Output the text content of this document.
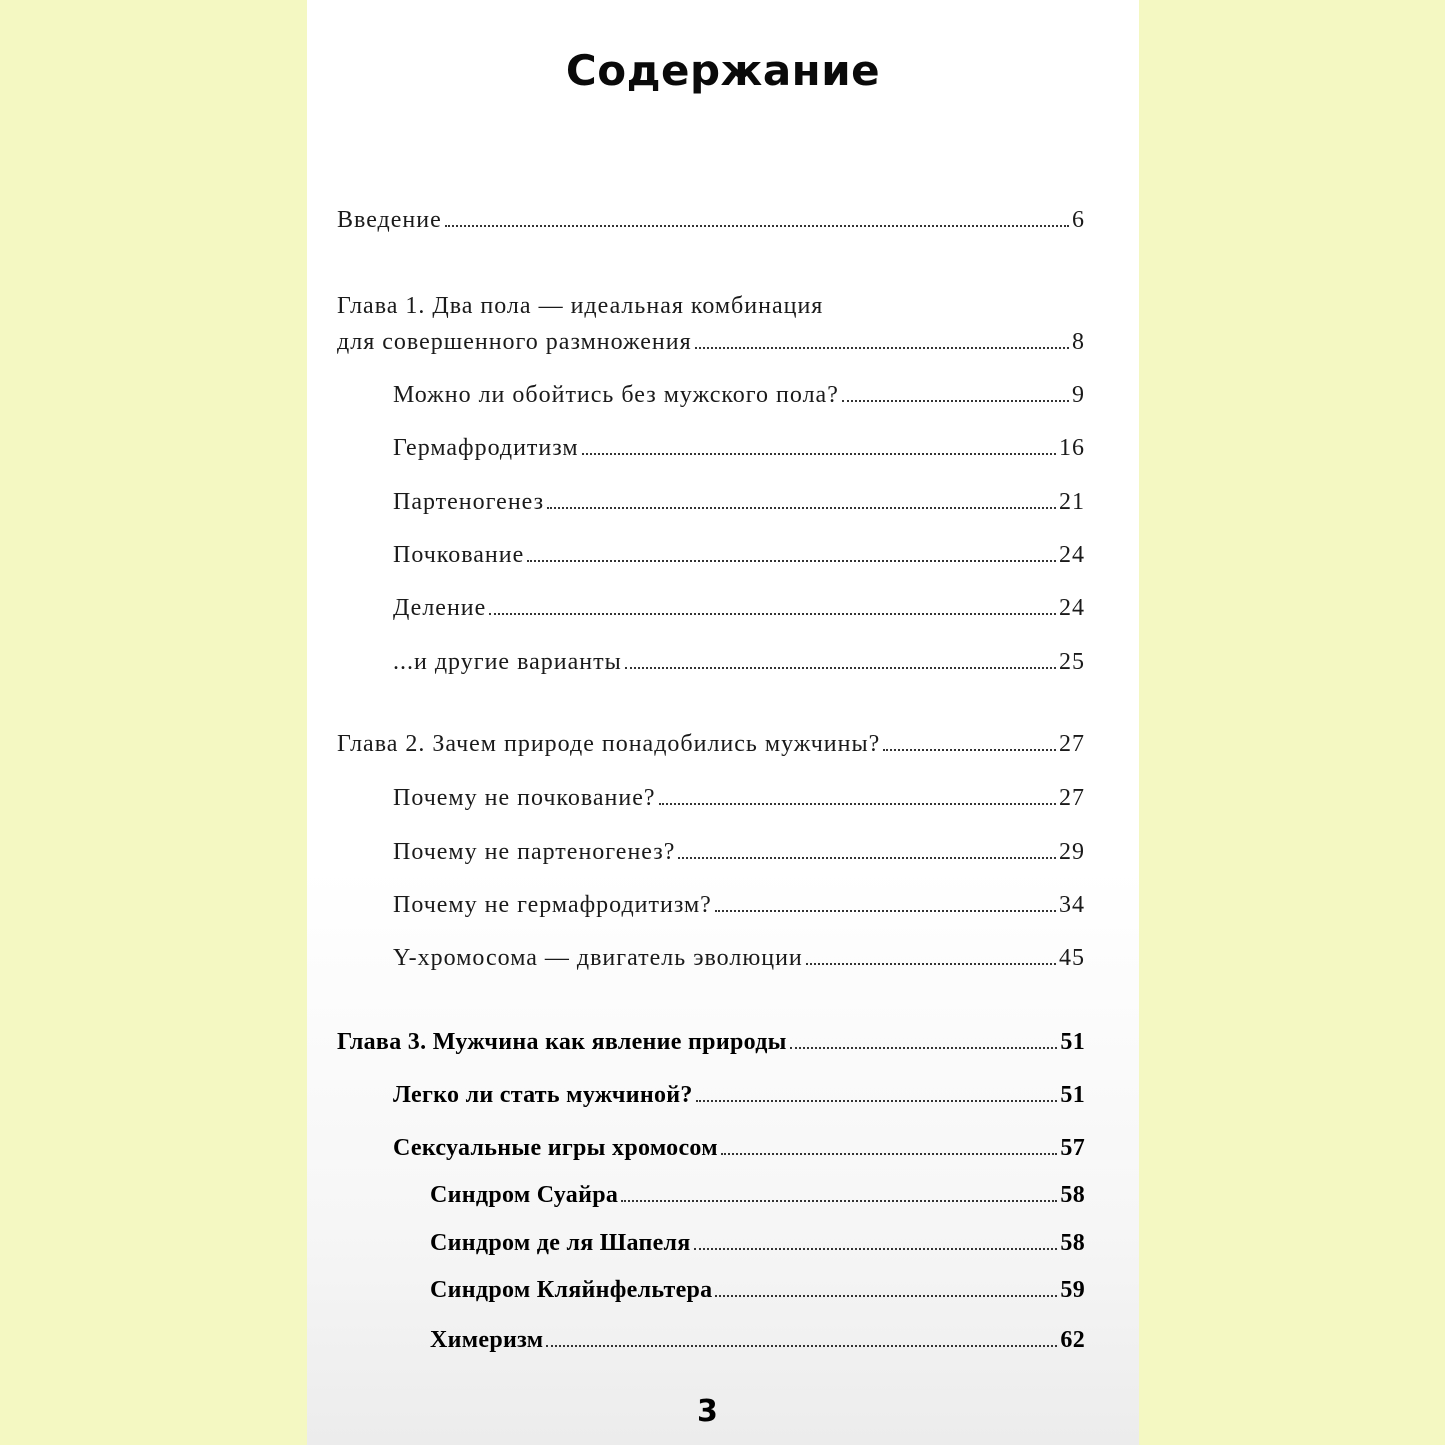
Содержание
Введение	6
Глава 1. Два пола — идеальная комбинация
для совершенного размножения	8
Можно ли обойтись без мужского пола?	9
Гермафродитизм	16
Партеногенез	21
Почкование	24
Деление	24
...и другие варианты	25
Глава 2. Зачем природе понадобились мужчины?	27
Почему не почкование?	27
Почему не партеногенез?	29
Почему не гермафродитизм?	34
Y-хромосома — двигатель эволюции	45
Глава 3. Мужчина как явление природы	51
Легко ли стать мужчиной?	51
Сексуальные игры хромосом	57
Синдром Суайра	58
Синдром де ля Шапеля	58
Синдром Кляйнфельтера	59
Химеризм	62
3
